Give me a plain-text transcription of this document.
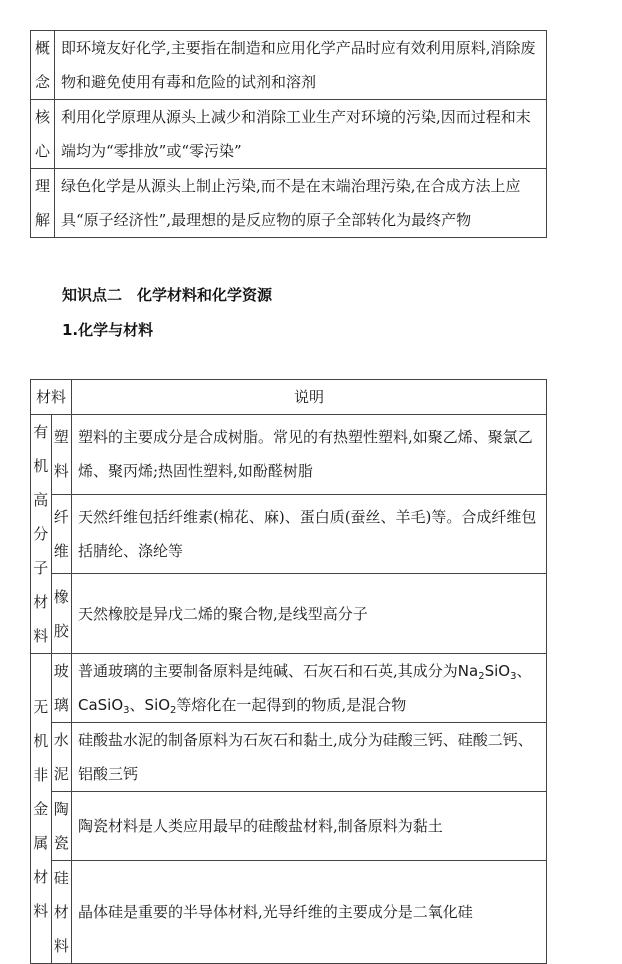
概念	即环境友好化学,主要指在制造和应用化学产品时应有效利用原料,消除废物和避免使用有毒和危险的试剂和溶剂
核心	利用化学原理从源头上减少和消除工业生产对环境的污染,因而过程和末端均为“零排放”或“零污染”
理解	绿色化学是从源头上制止污染,而不是在末端治理污染,在合成方法上应具“原子经济性”,最理想的是反应物的原子全部转化为最终产物
知识点二　化学材料和化学资源
1.化学与材料
材料		说明
有机高分子材料	塑料	塑料的主要成分是合成树脂。常见的有热塑性塑料,如聚乙烯、聚氯乙烯、聚丙烯;热固性塑料,如酚醛树脂
	纤维	天然纤维包括纤维素(棉花、麻)、蛋白质(蚕丝、羊毛)等。合成纤维包括腈纶、涤纶等
	橡胶	天然橡胶是异戊二烯的聚合物,是线型高分子
无机非金属材料	玻璃	普通玻璃的主要制备原料是纯碱、石灰石和石英,其成分为$Na_2SiO_3$、CaSiO$_3$、SiO$_2$等熔化在一起得到的物质,是混合物
	水泥	硅酸盐水泥的制备原料为石灰石和黏土,成分为硅酸三钙、硅酸二钙、铝酸三钙
	陶瓷	陶瓷材料是人类应用最早的硅酸盐材料,制备原料为黏土
	硅材料	晶体硅是重要的半导体材料,光导纤维的主要成分是二氧化硅
